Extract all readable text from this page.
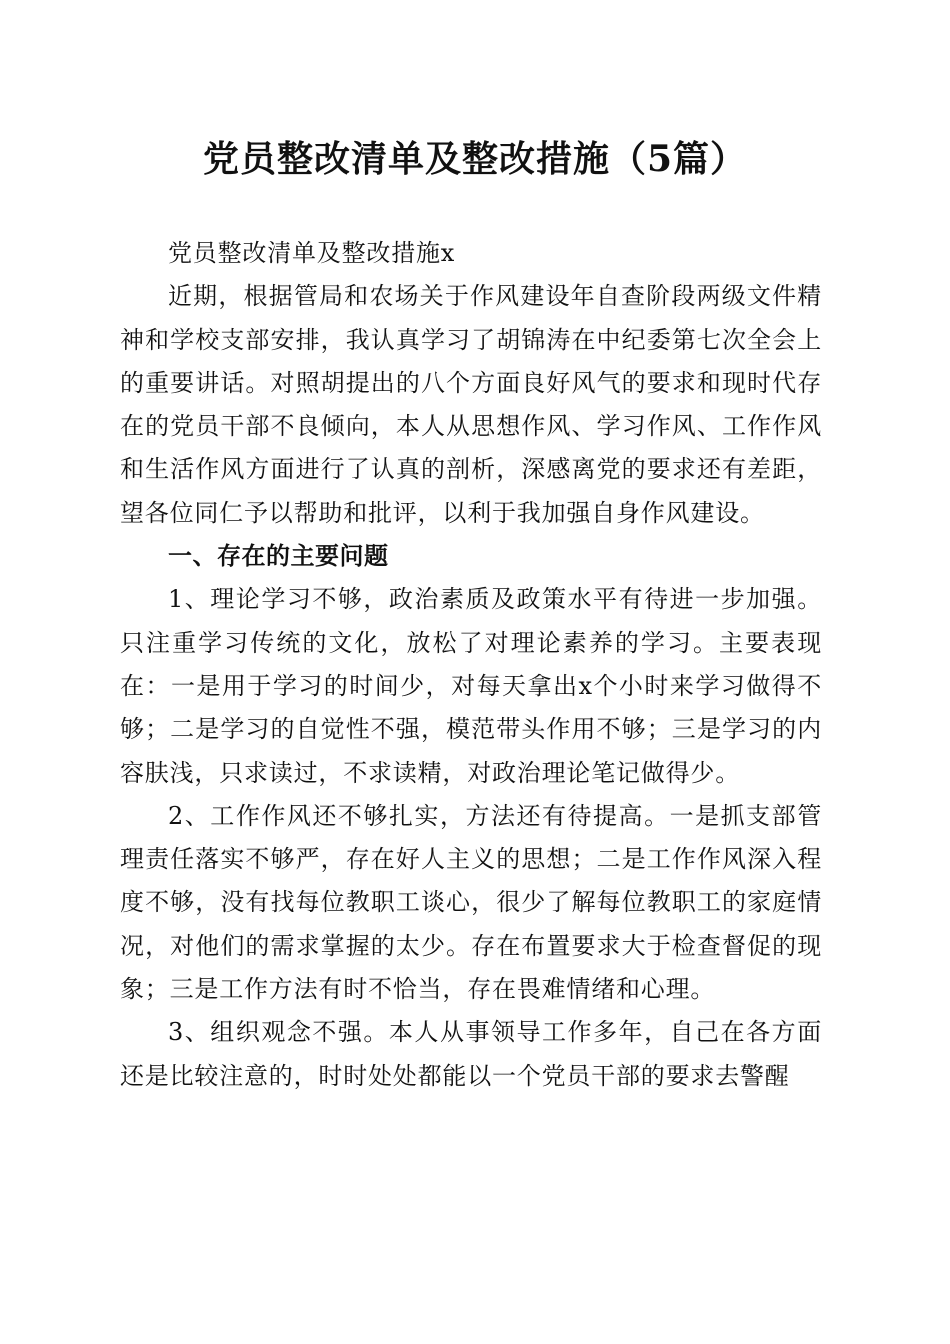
党员整改清单及整改措施（5篇）

党员整改清单及整改措施x

近期，根据管局和农场关于作风建设年自查阶段两级文件精神和学校支部安排，我认真学习了胡锦涛在中纪委第七次全会上的重要讲话。对照胡提出的八个方面良好风气的要求和现时代存在的党员干部不良倾向，本人从思想作风、学习作风、工作作风和生活作风方面进行了认真的剖析，深感离党的要求还有差距，望各位同仁予以帮助和批评，以利于我加强自身作风建设。

一、存在的主要问题

1、理论学习不够，政治素质及政策水平有待进一步加强。只注重学习传统的文化，放松了对理论素养的学习。主要表现在：一是用于学习的时间少，对每天拿出x个小时来学习做得不够；二是学习的自觉性不强，模范带头作用不够；三是学习的内容肤浅，只求读过，不求读精，对政治理论笔记做得少。

2、工作作风还不够扎实，方法还有待提高。一是抓支部管理责任落实不够严，存在好人主义的思想；二是工作作风深入程度不够，没有找每位教职工谈心，很少了解每位教职工的家庭情况，对他们的需求掌握的太少。存在布置要求大于检查督促的现象；三是工作方法有时不恰当，存在畏难情绪和心理。

3、组织观念不强。本人从事领导工作多年，自己在各方面还是比较注意的，时时处处都能以一个党员干部的要求去警醒
